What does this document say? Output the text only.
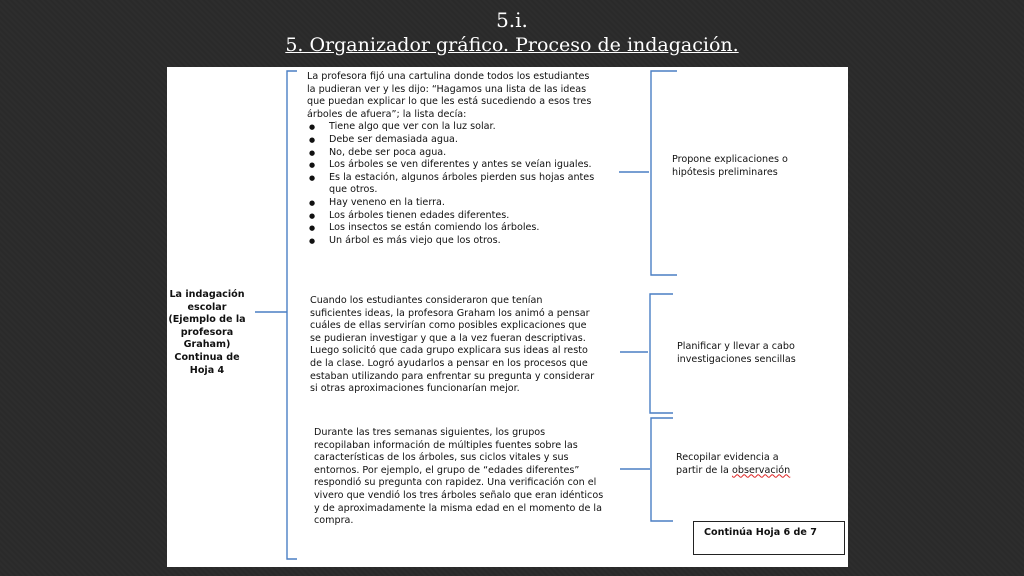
5.i.
5. Organizador gráfico. Proceso de indagación.
La indagación escolar (Ejemplo de la profesora Graham) Continua de Hoja 4
La profesora fijó una cartulina donde todos los estudiantes la pudieran ver y les dijo: “Hagamos una lista de las ideas que puedan explicar lo que les está sucediendo a esos tres árboles de afuera”; la lista decía:
● Tiene algo que ver con la luz solar.
● Debe ser demasiada agua.
● No, debe ser poca agua.
● Los árboles se ven diferentes y antes se veían iguales.
● Es la estación, algunos árboles pierden sus hojas antes que otros.
● Hay veneno en la tierra.
● Los árboles tienen edades diferentes.
● Los insectos se están comiendo los árboles.
● Un árbol es más viejo que los otros.
Cuando los estudiantes consideraron que tenían suficientes ideas, la profesora Graham los animó a pensar cuáles de ellas servirían como posibles explicaciones que se pudieran investigar y que a la vez fueran descriptivas.
Luego solicitó que cada grupo explicara sus ideas al resto de la clase. Logró ayudarlos a pensar en los procesos que estaban utilizando para enfrentar su pregunta y considerar si otras aproximaciones funcionarían mejor.
Durante las tres semanas siguientes, los grupos recopilaban información de múltiples fuentes sobre las características de los árboles, sus ciclos vitales y sus entornos. Por ejemplo, el grupo de “edades diferentes” respondió su pregunta con rapidez. Una verificación con el vivero que vendió los tres árboles señalo que eran idénticos y de aproximadamente la misma edad en el momento de la compra.
Propone explicaciones o hipótesis preliminares
Planificar y llevar a cabo investigaciones sencillas
Recopilar evidencia a partir de la observación
Continúa Hoja 6 de 7
